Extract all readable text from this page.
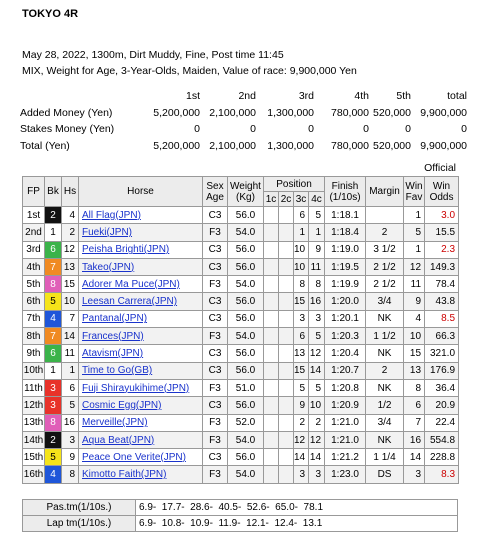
TOKYO 4R
May 28, 2022, 1300m, Dirt Muddy, Fine, Post time 11:45
MIX, Weight for Age, 3-Year-Olds, Maiden, Value of race: 9,900,000 Yen
	1st	2nd	3rd	4th	5th	total
Added Money (Yen)	5,200,000	2,100,000	1,300,000	780,000	520,000	9,900,000
Stakes Money (Yen)	0	0	0	0	0	0
Total (Yen)	5,200,000	2,100,000	1,300,000	780,000	520,000	9,900,000
Official
FP	Bk	Hs	Horse	Sex Age	Weight (Kg)	Position				Finish (1/10s)	Margin	Win Fav	Win Odds
						1c	2c	3c	4c				
1st	2	4	All Flag(JPN)	C3	56.0			6	5	1:18.1		1	3.0
2nd	1	2	Fueki(JPN)	F3	54.0			1	1	1:18.4	2	5	15.5
3rd	6	12	Peisha Brighti(JPN)	C3	56.0			10	9	1:19.0	3 1/2	1	2.3
4th	7	13	Takeo(JPN)	C3	56.0			10	11	1:19.5	2 1/2	12	149.3
5th	8	15	Adorer Ma Puce(JPN)	F3	54.0			8	8	1:19.9	2 1/2	11	78.4
6th	5	10	Leesan Carrera(JPN)	C3	56.0			15	16	1:20.0	3/4	9	43.8
7th	4	7	Pantanal(JPN)	C3	56.0			3	3	1:20.1	NK	4	8.5
8th	7	14	Frances(JPN)	F3	54.0			6	5	1:20.3	1 1/2	10	66.3
9th	6	11	Atavism(JPN)	C3	56.0			13	12	1:20.4	NK	15	321.0
10th	1	1	Time to Go(GB)	C3	56.0			15	14	1:20.7	2	13	176.9
11th	3	6	Fuji Shirayukihime(JPN)	F3	51.0			5	5	1:20.8	NK	8	36.4
12th	3	5	Cosmic Egg(JPN)	C3	56.0			9	10	1:20.9	1/2	6	20.9
13th	8	16	Merveille(JPN)	F3	52.0			2	2	1:21.0	3/4	7	22.4
14th	2	3	Aqua Beat(JPN)	F3	54.0			12	12	1:21.0	NK	16	554.8
15th	5	9	Peace One Verite(JPN)	C3	56.0			14	14	1:21.2	1 1/4	14	228.8
16th	4	8	Kimotto Faith(JPN)	F3	54.0			3	3	1:23.0	DS	3	8.3
Pas.tm(1/10s.)	6.9-  17.7-  28.6-  40.5-  52.6-  65.0-  78.1
Lap tm(1/10s.)	6.9-  10.8-  10.9-  11.9-  12.1-  12.4-  13.1
